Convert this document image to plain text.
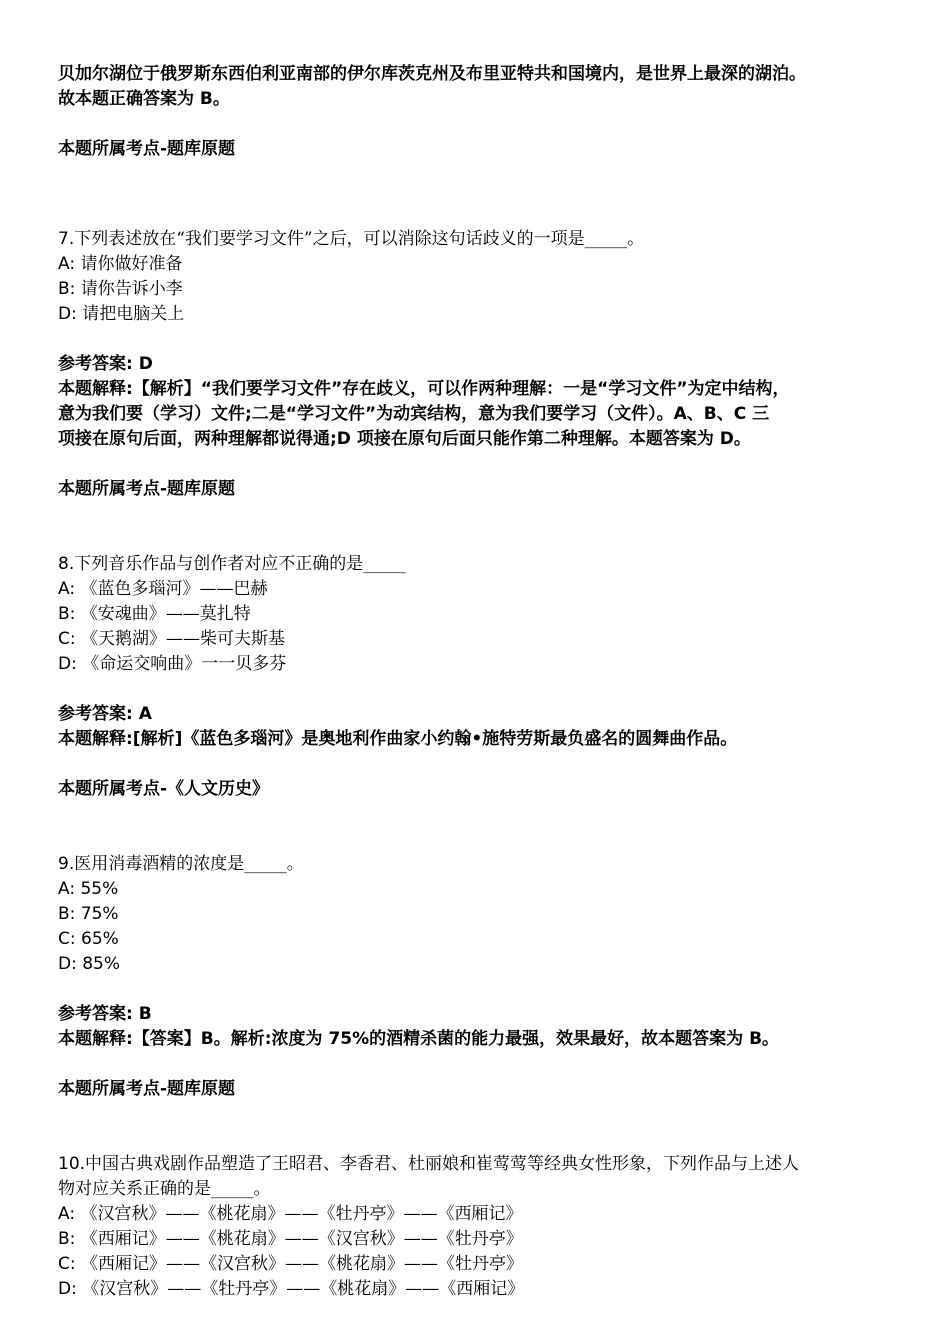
贝加尔湖位于俄罗斯东西伯利亚南部的伊尔库茨克州及布里亚特共和国境内，是世界上最深的湖泊。
故本题正确答案为 B。
本题所属考点-题库原题
7.下列表述放在“我们要学习文件”之后，可以消除这句话歧义的一项是_____。
A: 请你做好准备
B: 请你告诉小李
D: 请把电脑关上
参考答案: D
本题解释:【解析】“我们要学习文件”存在歧义，可以作两种理解：一是“学习文件”为定中结构，
意为我们要（学习）文件;二是“学习文件”为动宾结构，意为我们要学习（文件）。A、B、C 三
项接在原句后面，两种理解都说得通;D 项接在原句后面只能作第二种理解。本题答案为 D。
本题所属考点-题库原题
8.下列音乐作品与创作者对应不正确的是_____
A: 《蓝色多瑙河》——巴赫
B: 《安魂曲》——莫扎特
C: 《天鹅湖》——柴可夫斯基
D: 《命运交响曲》一一贝多芬
参考答案: A
本题解释:[解析]《蓝色多瑙河》是奥地利作曲家小约翰•施特劳斯最负盛名的圆舞曲作品。
本题所属考点-《人文历史》
9.医用消毒酒精的浓度是_____。
A: 55%
B: 75%
C: 65%
D: 85%
参考答案: B
本题解释:【答案】B。解析:浓度为 75%的酒精杀菌的能力最强，效果最好，故本题答案为 B。
本题所属考点-题库原题
10.中国古典戏剧作品塑造了王昭君、李香君、杜丽娘和崔莺莺等经典女性形象，下列作品与上述人
物对应关系正确的是_____。
A: 《汉宫秋》——《桃花扇》——《牡丹亭》——《西厢记》
B: 《西厢记》——《桃花扇》——《汉宫秋》——《牡丹亭》
C: 《西厢记》——《汉宫秋》——《桃花扇》——《牡丹亭》
D: 《汉宫秋》——《牡丹亭》——《桃花扇》——《西厢记》
